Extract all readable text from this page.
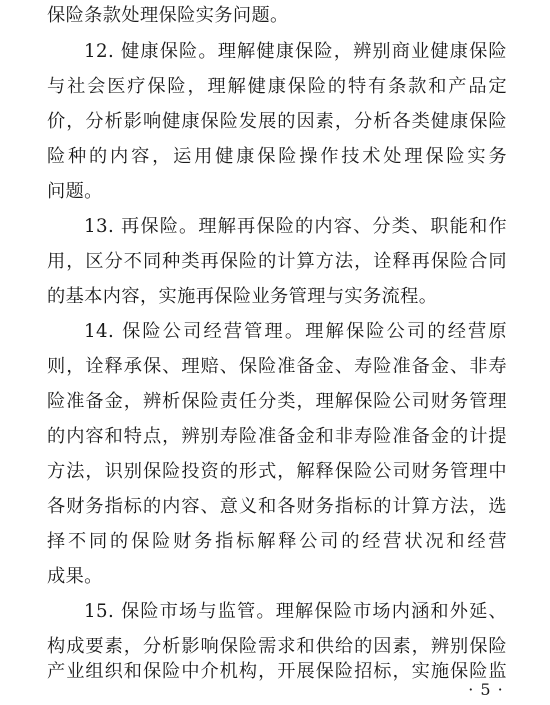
保险条款处理保险实务问题。
12. 健康保险。理解健康保险，辨别商业健康保险
与社会医疗保险，理解健康保险的特有条款和产品定
价，分析影响健康保险发展的因素，分析各类健康保险
险种的内容，运用健康保险操作技术处理保险实务
问题。
13. 再保险。理解再保险的内容、分类、职能和作
用，区分不同种类再保险的计算方法，诠释再保险合同
的基本内容，实施再保险业务管理与实务流程。
14. 保险公司经营管理。理解保险公司的经营原
则，诠释承保、理赔、保险准备金、寿险准备金、非寿
险准备金，辨析保险责任分类，理解保险公司财务管理
的内容和特点，辨别寿险准备金和非寿险准备金的计提
方法，识别保险投资的形式，解释保险公司财务管理中
各财务指标的内容、意义和各财务指标的计算方法，选
择不同的保险财务指标解释公司的经营状况和经营
成果。
15. 保险市场与监管。理解保险市场内涵和外延、
构成要素，分析影响保险需求和供给的因素，辨别保险
产业组织和保险中介机构，开展保险招标，实施保险监
· 5 ·
